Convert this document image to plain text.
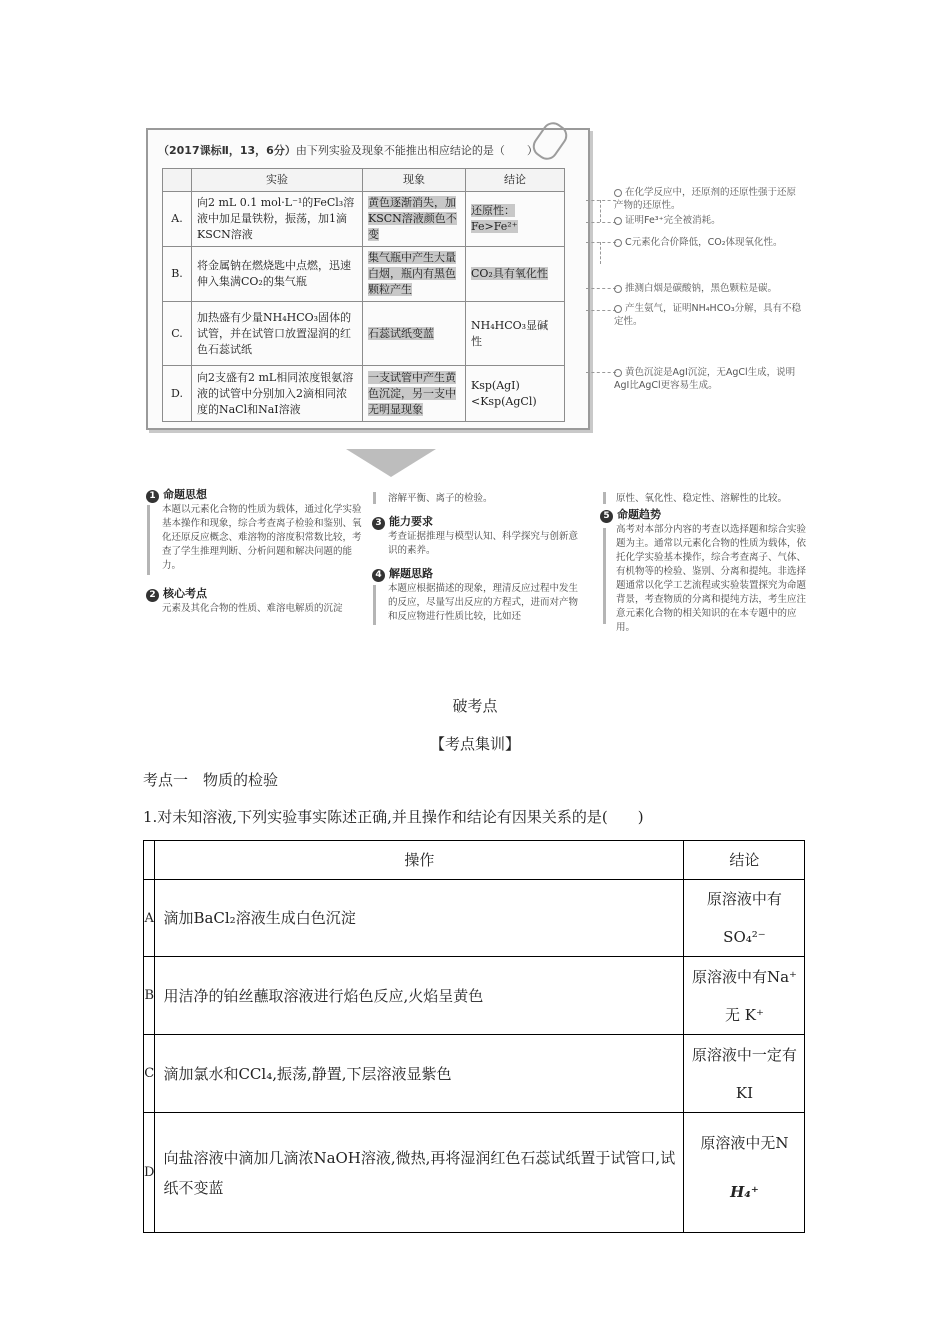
（2017课标Ⅱ，13，6分）由下列实验及现象不能推出相应结论的是（　　）
	实验	现象	结论
A.	向2 mL 0.1 mol·L⁻¹的FeCl₃溶液中加足量铁粉，振荡，加1滴KSCN溶液	黄色逐渐消失，加KSCN溶液颜色不变	还原性：Fe>Fe²⁺
B.	将金属钠在燃烧匙中点燃，迅速伸入集满CO₂的集气瓶	集气瓶中产生大量白烟，瓶内有黑色颗粒产生	CO₂具有氧化性
C.	加热盛有少量NH₄HCO₃固体的试管，并在试管口放置湿润的红色石蕊试纸	石蕊试纸变蓝	NH₄HCO₃显碱性
D.	向2支盛有2 mL相同浓度银氨溶液的试管中分别加入2滴相同浓度的NaCl和NaI溶液	一支试管中产生黄色沉淀，另一支中无明显现象	Ksp(AgI)<Ksp(AgCl)
在化学反应中，还原剂的还原性强于还原产物的还原性。
证明Fe³⁺完全被消耗。
C元素化合价降低，CO₂体现氧化性。
推测白烟是碳酸钠，黑色颗粒是碳。
产生氨气，证明NH₄HCO₃分解，具有不稳定性。
黄色沉淀是AgI沉淀，无AgCl生成，说明AgI比AgCl更容易生成。
1 命题思想
本题以元素化合物的性质为载体，通过化学实验基本操作和现象，综合考查离子检验和鉴别、氧化还原反应概念、难溶物的溶度积常数比较，考查了学生推理判断、分析问题和解决问题的能力。
2 核心考点
元素及其化合物的性质、难溶电解质的沉淀
溶解平衡、离子的检验。
3 能力要求
考查证据推理与模型认知、科学探究与创新意识的素养。
4 解题思路
本题应根据描述的现象，理清反应过程中发生的反应，尽量写出反应的方程式，进而对产物和反应物进行性质比较，比如还
原性、氧化性、稳定性、溶解性的比较。
5 命题趋势
高考对本部分内容的考查以选择题和综合实验题为主。通常以元素化合物的性质为载体，依托化学实验基本操作，综合考查离子、气体、有机物等的检验、鉴别、分离和提纯。非选择题通常以化学工艺流程或实验装置探究为命题背景，考查物质的分离和提纯方法，考生应注意元素化合物的相关知识的在本专题中的应用。
破考点
【考点集训】
考点一　物质的检验
1.对未知溶液,下列实验事实陈述正确,并且操作和结论有因果关系的是(　　)
	操作	结论
A	滴加BaCl₂溶液生成白色沉淀	原溶液中有 SO₄²⁻
B	用洁净的铂丝蘸取溶液进行焰色反应,火焰呈黄色	原溶液中有Na⁺
无 K⁺

C	滴加氯水和CCl₄,振荡,静置,下层溶液显紫色	原溶液中一定有
KI

D	向盐溶液中滴加几滴浓NaOH溶液,微热,再将湿润红色石蕊试纸置于试管口,试纸不变蓝	原溶液中无N
H₄⁺
